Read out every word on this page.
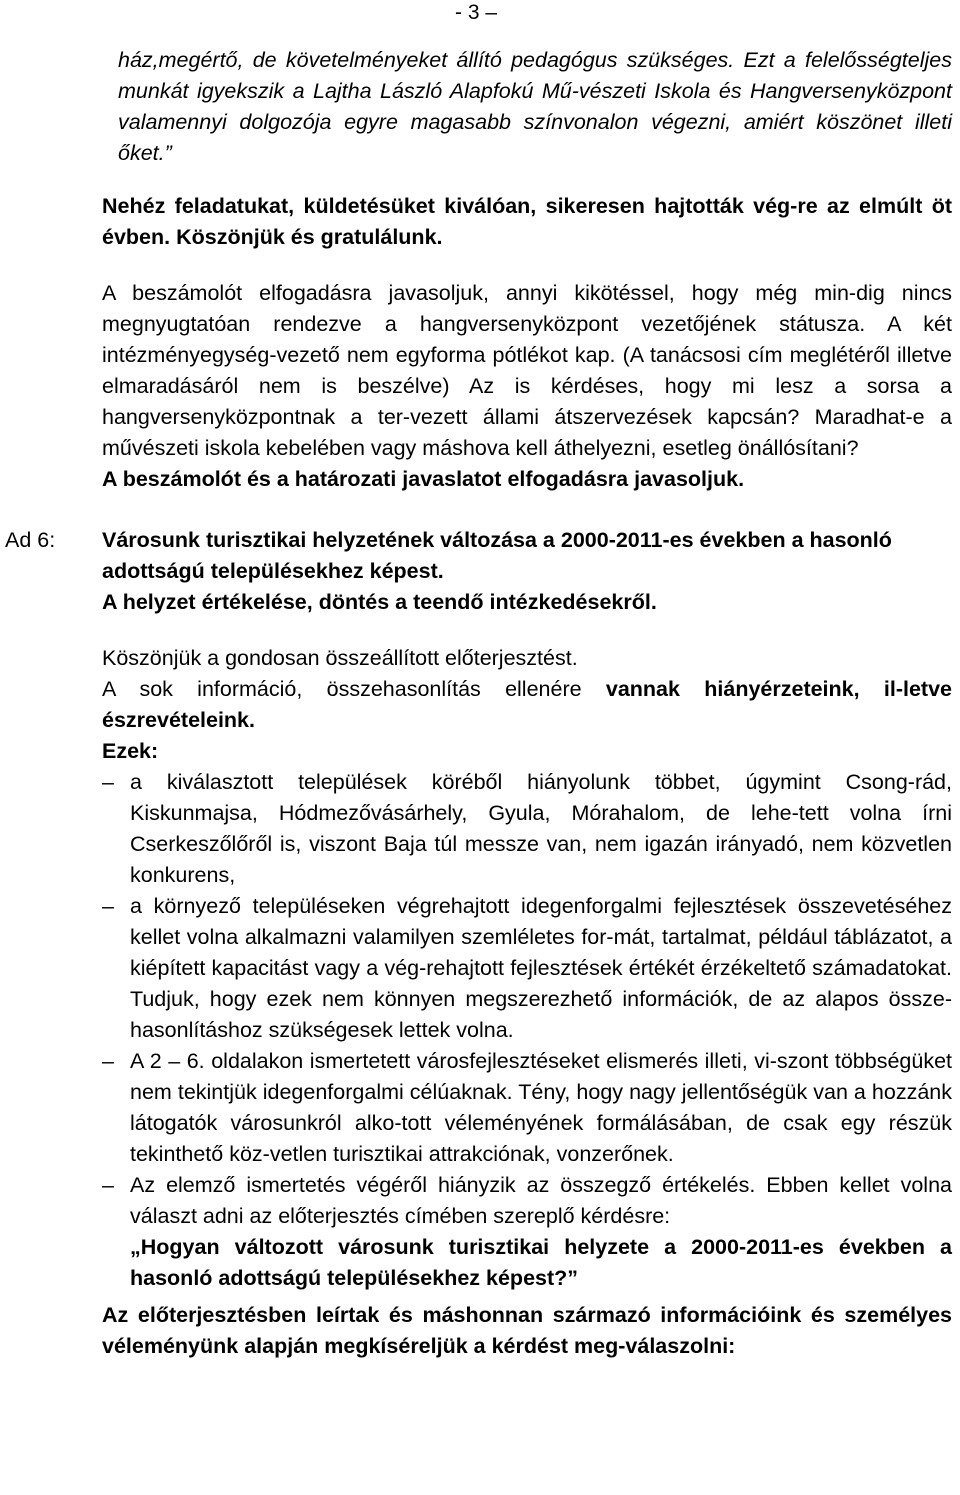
- 3 –

ház,megértő, de követelményeket állító pedagógus szükséges. Ezt a felelősségteljes munkát igyekszik a Lajtha László Alapfokú Mű-vészeti Iskola és Hangversenyközpont valamennyi dolgozója egyre magasabb színvonalon végezni, amiért köszönet illeti őket.”

Nehéz feladatukat, küldetésüket kiválóan, sikeresen hajtották vég-re az elmúlt öt évben. Köszönjük és gratulálunk.

A beszámolót elfogadásra javasoljuk, annyi kikötéssel, hogy még min-dig nincs megnyugtatóan rendezve a hangversenyközpont vezetőjének státusza. A két intézményegység-vezető nem egyforma pótlékot kap. (A tanácsosi cím meglétéről illetve elmaradásáról nem is beszélve) Az is kérdéses, hogy mi lesz a sorsa a hangversenyközpontnak a ter-vezett állami átszervezések kapcsán? Maradhat-e a művészeti iskola kebelében vagy máshova kell áthelyezni, esetleg önállósítani?

A beszámolót és a határozati javaslatot elfogadásra javasoljuk.

Ad 6:	Városunk turisztikai helyzetének változása a 2000-2011-es években a hasonló adottságú településekhez képest.

A helyzet értékelése, döntés a teendő intézkedésekről.

Köszönjük a gondosan összeállított előterjesztést.

A sok információ, összehasonlítás ellenére vannak hiányérzeteink, il-letve észrevételeink.

Ezek:

– a kiválasztott települések köréből hiányolunk többet, úgymint Csong-rád, Kiskunmajsa, Hódmezővásárhely, Gyula, Mórahalom, de lehe-tett volna írni Cserkeszőlőről is, viszont Baja túl messze van, nem igazán irányadó, nem közvetlen konkurens,
– a környező településeken végrehajtott idegenforgalmi fejlesztések összevetéséhez kellet volna alkalmazni valamilyen szemléletes for-mát, tartalmat, például táblázatot, a kiépített kapacitást vagy a vég-rehajtott fejlesztések értékét érzékeltető számadatokat. Tudjuk, hogy ezek nem könnyen megszerezhető információk, de az alapos össze-hasonlításhoz szükségesek lettek volna.
– A 2 – 6. oldalakon ismertetett városfejlesztéseket elismerés illeti, vi-szont többségüket nem tekintjük idegenforgalmi célúaknak. Tény, hogy nagy jellentőségük van a hozzánk látogatók városunkról alko-tott véleményének formálásában, de csak egy részük tekinthető köz-vetlen turisztikai attrakciónak, vonzerőnek.
– Az elemző ismertetés végéről hiányzik az összegző értékelés. Ebben kellet volna választ adni az előterjesztés címében szereplő kérdésre:
„Hogyan változott városunk turisztikai helyzete a 2000-2011-es években a hasonló adottságú településekhez képest?”

Az előterjesztésben leírtak és máshonnan származó információink és személyes véleményünk alapján megkíséreljük a kérdést meg-válaszolni:
